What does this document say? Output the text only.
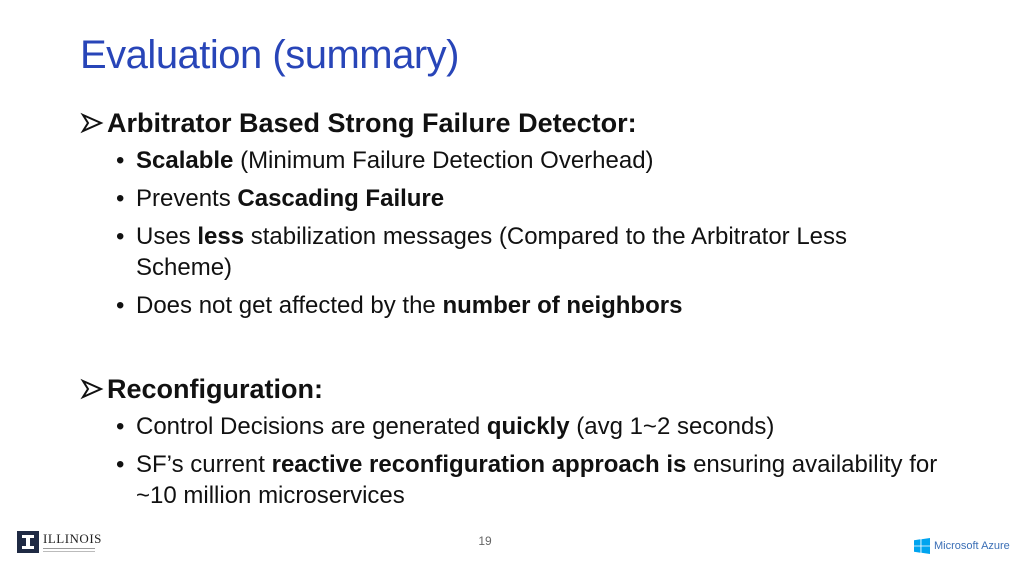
Evaluation (summary)
Arbitrator Based Strong Failure Detector:
• Scalable (Minimum Failure Detection Overhead)
• Prevents Cascading Failure
• Uses less stabilization messages (Compared to the Arbitrator Less Scheme)
• Does not get affected by the number of neighbors
Reconfiguration:
• Control Decisions are generated quickly (avg 1~2 seconds)
• SF’s current reactive reconfiguration approach is ensuring availability for ~10 million microservices
ILLINOIS	19	Microsoft Azure
